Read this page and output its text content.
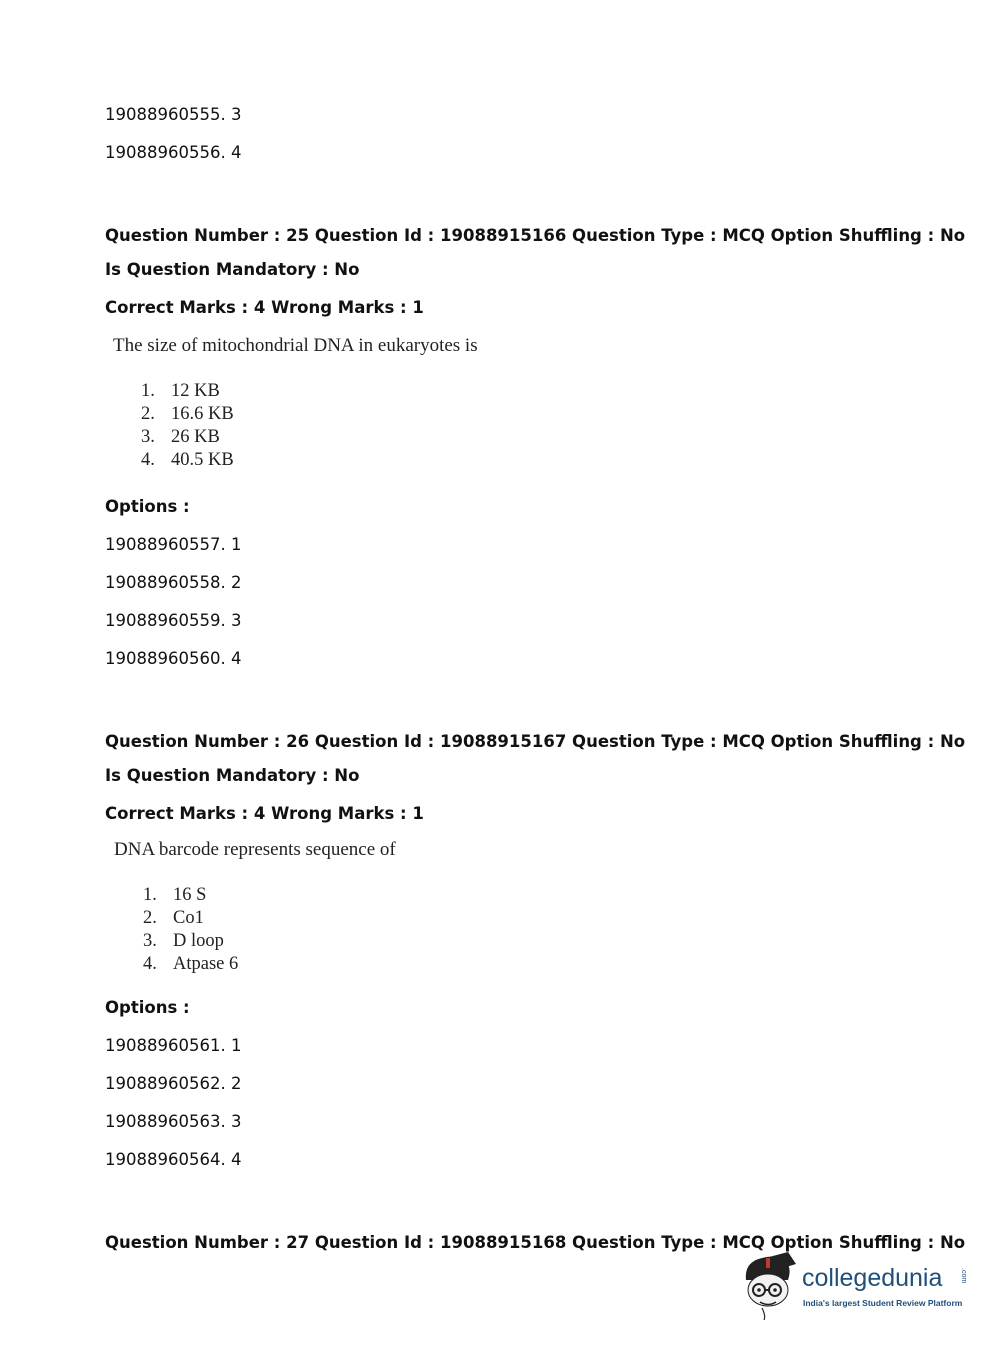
19088960555. 3
19088960556. 4
Question Number : 25 Question Id : 19088915166 Question Type : MCQ Option Shuffling : No
Is Question Mandatory : No
Correct Marks : 4 Wrong Marks : 1
The size of mitochondrial DNA in eukaryotes is
1. 12 KB
2. 16.6 KB
3. 26 KB
4. 40.5 KB
Options :
19088960557. 1
19088960558. 2
19088960559. 3
19088960560. 4
Question Number : 26 Question Id : 19088915167 Question Type : MCQ Option Shuffling : No
Is Question Mandatory : No
Correct Marks : 4 Wrong Marks : 1
DNA barcode represents sequence of
1. 16 S
2. Co1
3. D loop
4. Atpase 6
Options :
19088960561. 1
19088960562. 2
19088960563. 3
19088960564. 4
Question Number : 27 Question Id : 19088915168 Question Type : MCQ Option Shuffling : No
collegedunia	.com
India's largest Student Review Platform
